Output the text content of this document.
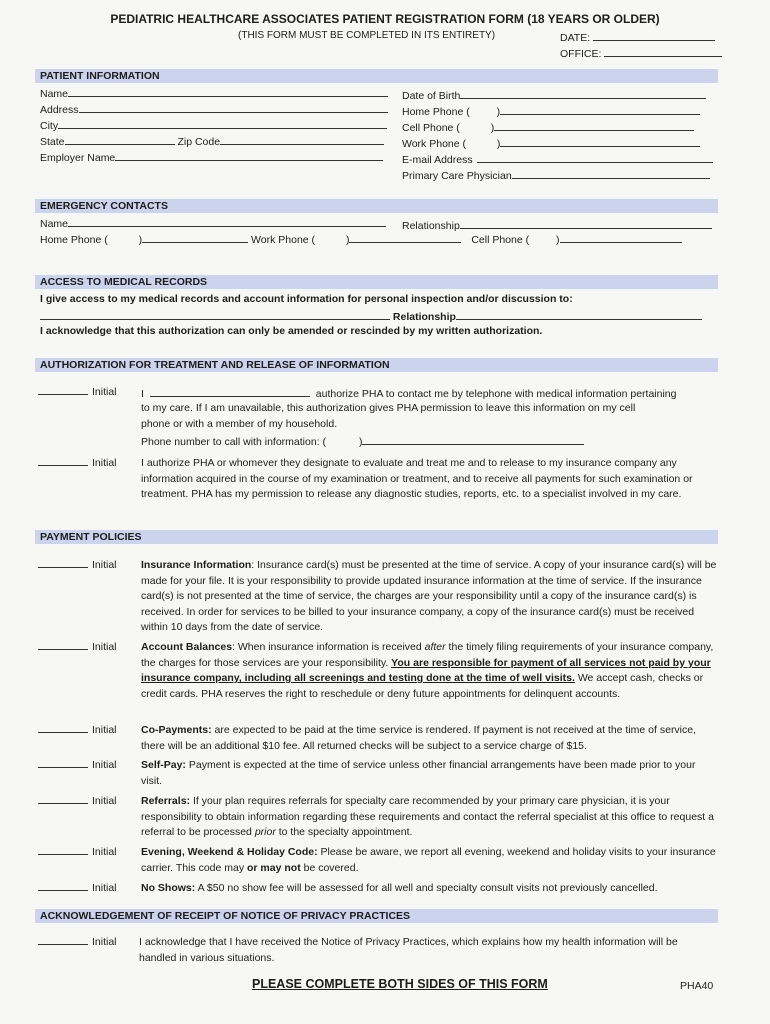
PEDIATRIC HEALTHCARE ASSOCIATES PATIENT REGISTRATION FORM (18 YEARS OR OLDER)
(THIS FORM MUST BE COMPLETED IN ITS ENTIRETY)	DATE:
OFFICE:
PATIENT INFORMATION
Name
Address
City
State	Zip Code
Employer Name
Date of Birth
Home Phone (	)
Cell Phone (	)
Work Phone (	)
E-mail Address
Primary Care Physician
EMERGENCY CONTACTS
Name	Relationship
Home Phone (	)	Work Phone (	)	Cell Phone (	)
ACCESS TO MEDICAL RECORDS
I give access to my medical records and account information for personal inspection and/or discussion to:
Relationship
I acknowledge that this authorization can only be amended or rescinded by my written authorization.
AUTHORIZATION FOR TREATMENT AND RELEASE OF INFORMATION
Initial I	authorize PHA to contact me by telephone with medical information pertaining
to my care. If I am unavailable, this authorization gives PHA permission to leave this information on my cell
phone or with a member of my household.
Phone number to call with information: (	)
Initial I authorize PHA or whomever they designate to evaluate and treat me and to release to my insurance company any information acquired in the course of my examination or treatment, and to receive all payments for such examination or treatment. PHA has my permission to release any diagnostic studies, reports, etc. to a specialist involved in my care.
PAYMENT POLICIES
Initial Insurance Information: Insurance card(s) must be presented at the time of service. A copy of your insurance card(s) will be made for your file. It is your responsibility to provide updated insurance information at the time of service. If the insurance card(s) is not presented at the time of service, the charges are your responsibility until a copy of the insurance card(s) is received. In order for services to be billed to your insurance company, a copy of the insurance card(s) must be received within 10 days from the date of service.
Initial Account Balances: When insurance information is received after the timely filing requirements of your insurance company, the charges for those services are your responsibility. You are responsible for payment of all services not paid by your insurance company, including all screenings and testing done at the time of well visits. We accept cash, checks or credit cards. PHA reserves the right to reschedule or deny future appointments for delinquent accounts.
Initial Co-Payments: are expected to be paid at the time service is rendered. If payment is not received at the time of service, there will be an additional $10 fee. All returned checks will be subject to a service charge of $15.
Initial Self-Pay: Payment is expected at the time of service unless other financial arrangements have been made prior to your visit.
Initial Referrals: If your plan requires referrals for specialty care recommended by your primary care physician, it is your responsibility to obtain information regarding these requirements and contact the referral specialist at this office to request a referral to be processed prior to the specialty appointment.
Initial Evening, Weekend & Holiday Code: Please be aware, we report all evening, weekend and holiday visits to your insurance carrier. This code may or may not be covered.
Initial No Shows: A $50 no show fee will be assessed for all well and specialty consult visits not previously cancelled.
ACKNOWLEDGEMENT OF RECEIPT OF NOTICE OF PRIVACY PRACTICES
Initial I acknowledge that I have received the Notice of Privacy Practices, which explains how my health information will be handled in various situations.
PLEASE COMPLETE BOTH SIDES OF THIS FORM	PHA40
